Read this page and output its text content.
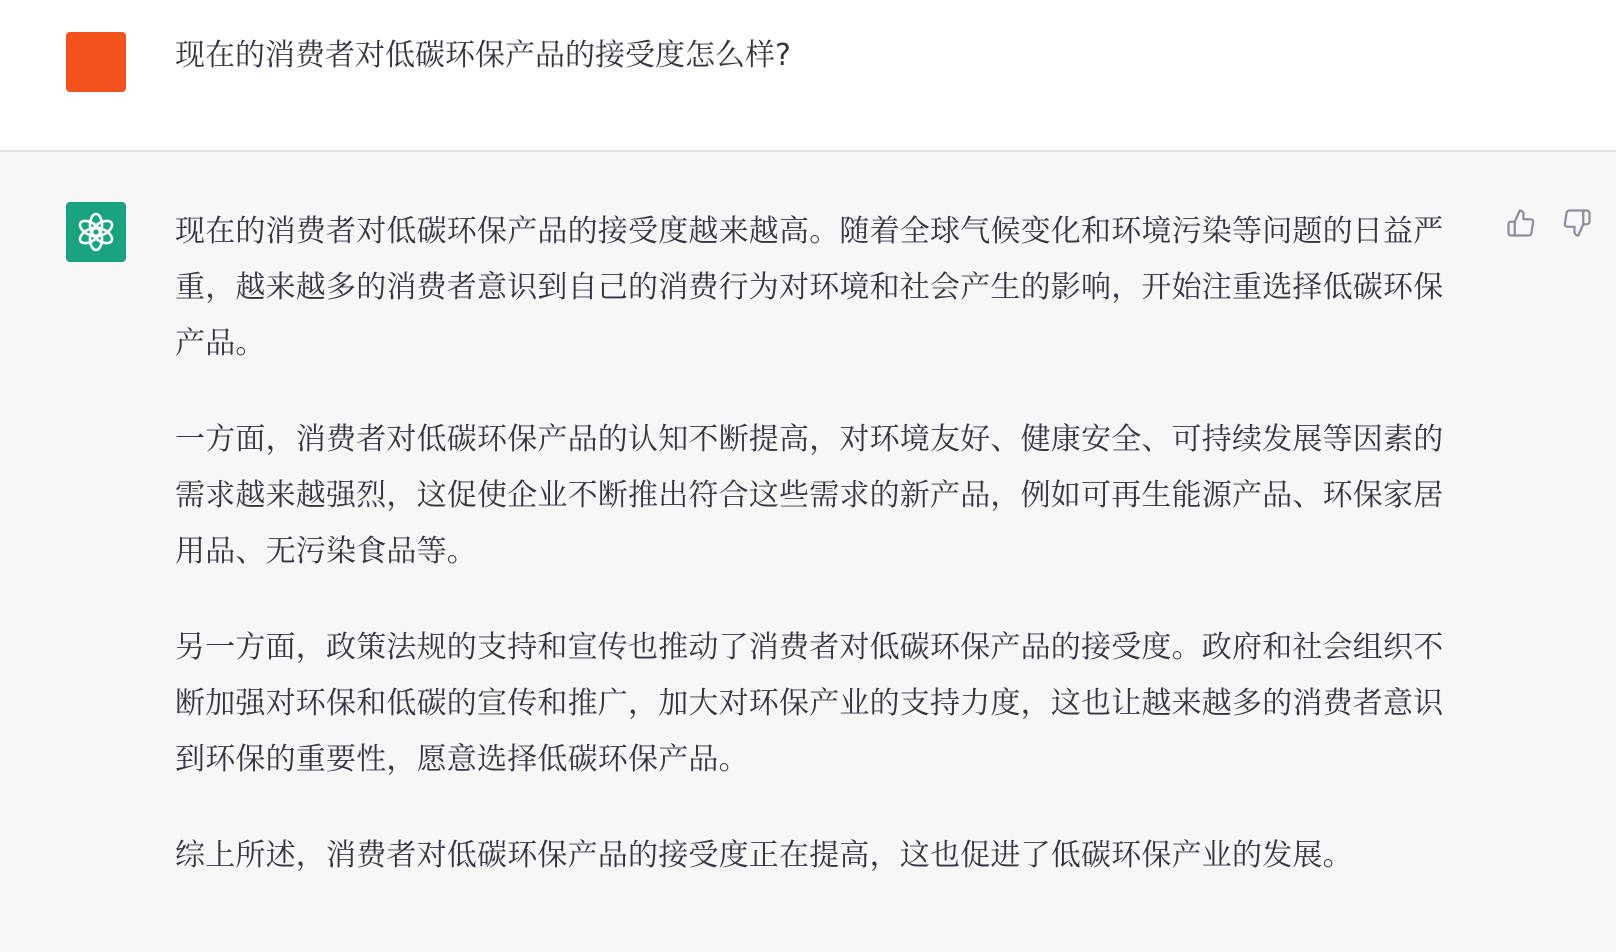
现在的消费者对低碳环保产品的接受度怎么样?

现在的消费者对低碳环保产品的接受度越来越高。随着全球气候变化和环境污染等问题的日益严重，越来越多的消费者意识到自己的消费行为对环境和社会产生的影响，开始注重选择低碳环保产品。

一方面，消费者对低碳环保产品的认知不断提高，对环境友好、健康安全、可持续发展等因素的需求越来越强烈，这促使企业不断推出符合这些需求的新产品，例如可再生能源产品、环保家居用品、无污染食品等。

另一方面，政策法规的支持和宣传也推动了消费者对低碳环保产品的接受度。政府和社会组织不断加强对环保和低碳的宣传和推广，加大对环保产业的支持力度，这也让越来越多的消费者意识到环保的重要性，愿意选择低碳环保产品。

综上所述，消费者对低碳环保产品的接受度正在提高，这也促进了低碳环保产业的发展。
